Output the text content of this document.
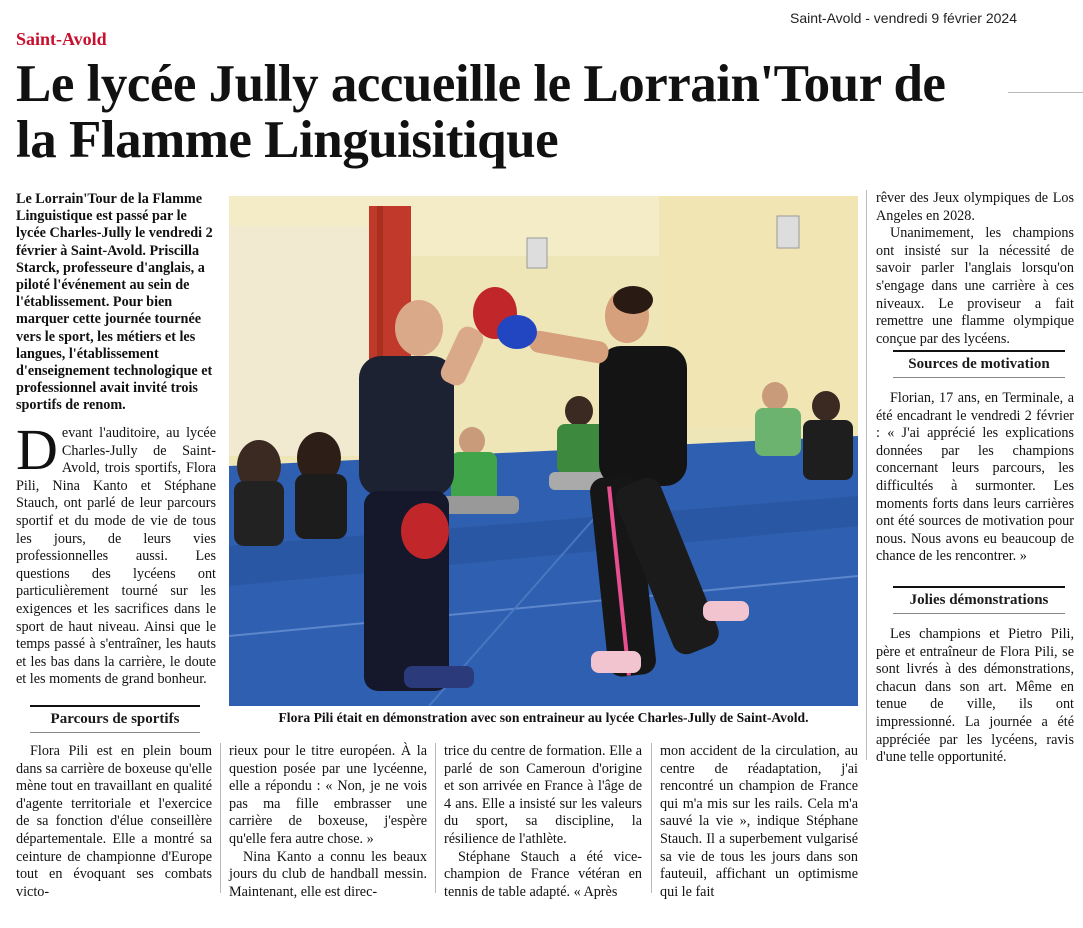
Saint-Avold - vendredi 9 février 2024
Saint-Avold
Le lycée Jully accueille le Lorrain'Tour de la Flamme Linguisitique
Le Lorrain'Tour de la Flamme Linguistique est passé par le lycée Charles-Jully le vendredi 2 février à Saint-Avold. Priscilla Starck, professeure d'anglais, a piloté l'événement au sein de l'établissement. Pour bien marquer cette journée tournée vers le sport, les métiers et les langues, l'établissement d'enseignement technologique et professionnel avait invité trois sportifs de renom.

Devant l'auditoire, au lycée Charles-Jully de Saint-Avold, trois sportifs, Flora Pili, Nina Kanto et Stéphane Stauch, ont parlé de leur parcours sportif et du mode de vie de tous les jours, de leurs vies professionnelles aussi. Les questions des lycéens ont particulièrement tourné sur les exigences et les sacrifices dans le sport de haut niveau. Ainsi que le temps passé à s'entraîner, les hauts et les bas dans la carrière, le doute et les moments de grand bonheur.

Parcours de sportifs

Flora Pili est en plein boum dans sa carrière de boxeuse qu'elle mène tout en travaillant en qualité d'agente territoriale et l'exercice de sa fonction d'élue conseillère départementale. Elle a montré sa ceinture de championne d'Europe tout en évoquant ses combats victo-

rieux pour le titre européen. À la question posée par une lycéenne, elle a répondu : « Non, je ne vois pas ma fille embrasser une carrière de boxeuse, j'espère qu'elle fera autre chose. »

Nina Kanto a connu les beaux jours du club de handball messin. Maintenant, elle est direc-

trice du centre de formation. Elle a parlé de son Cameroun d'origine et son arrivée en France à l'âge de 4 ans. Elle a insisté sur les valeurs du sport, sa discipline, la résilience de l'athlète.

Stéphane Stauch a été vice-champion de France vétéran en tennis de table adapté. « Après

mon accident de la circulation, au centre de réadaptation, j'ai rencontré un champion de France qui m'a mis sur les rails. Cela m'a sauvé la vie », indique Stéphane Stauch. Il a superbement vulgarisé sa vie de tous les jours dans son fauteuil, affichant un optimisme qui le fait

rêver des Jeux olympiques de Los Angeles en 2028.

Unanimement, les champions ont insisté sur la nécessité de savoir parler l'anglais lorsqu'on s'engage dans une carrière à ces niveaux. Le proviseur a fait remettre une flamme olympique conçue par des lycéens.

Sources de motivation

Florian, 17 ans, en Terminale, a été encadrant le vendredi 2 février : « J'ai apprécié les explications données par les champions concernant leurs parcours, les difficultés à surmonter. Les moments forts dans leurs carrières ont été sources de motivation pour nous. Nous avons eu beaucoup de chance de les rencontrer. »

Jolies démonstrations

Les champions et Pietro Pili, père et entraîneur de Flora Pili, se sont livrés à des démonstrations, chacun dans son art. Même en tenue de ville, ils ont impressionné. La journée a été appréciée par les lycéens, ravis d'une telle opportunité.

Flora Pili était en démonstration avec son entraineur au lycée Charles-Jully de Saint-Avold.
